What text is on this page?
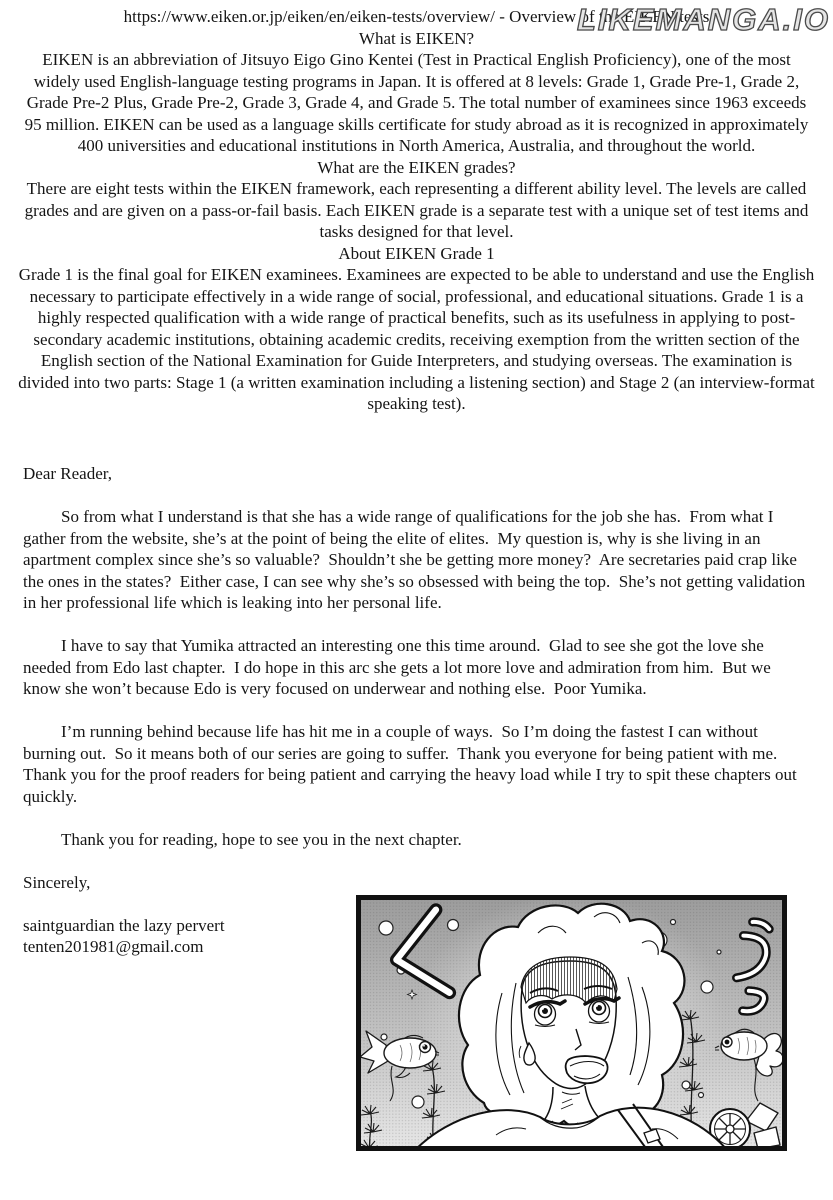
LIKEMANGA.IO
https://www.eiken.or.jp/eiken/en/eiken-tests/overview/ - Overview of the EIKEN tests
What is EIKEN?
EIKEN is an abbreviation of Jitsuyo Eigo Gino Kentei (Test in Practical English Proficiency), one of the most widely used English-language testing programs in Japan. It is offered at 8 levels: Grade 1, Grade Pre-1, Grade 2, Grade Pre-2 Plus, Grade Pre-2, Grade 3, Grade 4, and Grade 5. The total number of examinees since 1963 exceeds 95 million. EIKEN can be used as a language skills certificate for study abroad as it is recognized in approximately 400 universities and educational institutions in North America, Australia, and throughout the world.
What are the EIKEN grades?
There are eight tests within the EIKEN framework, each representing a different ability level. The levels are called grades and are given on a pass-or-fail basis. Each EIKEN grade is a separate test with a unique set of test items and tasks designed for that level.
About EIKEN Grade 1
Grade 1 is the final goal for EIKEN examinees. Examinees are expected to be able to understand and use the English necessary to participate effectively in a wide range of social, professional, and educational situations. Grade 1 is a highly respected qualification with a wide range of practical benefits, such as its usefulness in applying to post-secondary academic institutions, obtaining academic credits, receiving exemption from the written section of the English section of the National Examination for Guide Interpreters, and studying overseas. The examination is divided into two parts: Stage 1 (a written examination including a listening section) and Stage 2 (an interview-format speaking test).

Dear Reader,

So from what I understand is that she has a wide range of qualifications for the job she has.  From what I gather from the website, she’s at the point of being the elite of elites.  My question is, why is she living in an apartment complex since she’s so valuable?  Shouldn’t she be getting more money?  Are secretaries paid crap like the ones in the states?  Either case, I can see why she’s so obsessed with being the top.  She’s not getting validation in her professional life which is leaking into her personal life.

I have to say that Yumika attracted an interesting one this time around.  Glad to see she got the love she needed from Edo last chapter.  I do hope in this arc she gets a lot more love and admiration from him.  But we know she won’t because Edo is very focused on underwear and nothing else.  Poor Yumika.

I’m running behind because life has hit me in a couple of ways.  So I’m doing the fastest I can without burning out.  So it means both of our series are going to suffer.  Thank you everyone for being patient with me.  Thank you for the proof readers for being patient and carrying the heavy load while I try to spit these chapters out quickly.

Thank you for reading, hope to see you in the next chapter.

Sincerely,

saintguardian the lazy pervert
tenten201981@gmail.com
